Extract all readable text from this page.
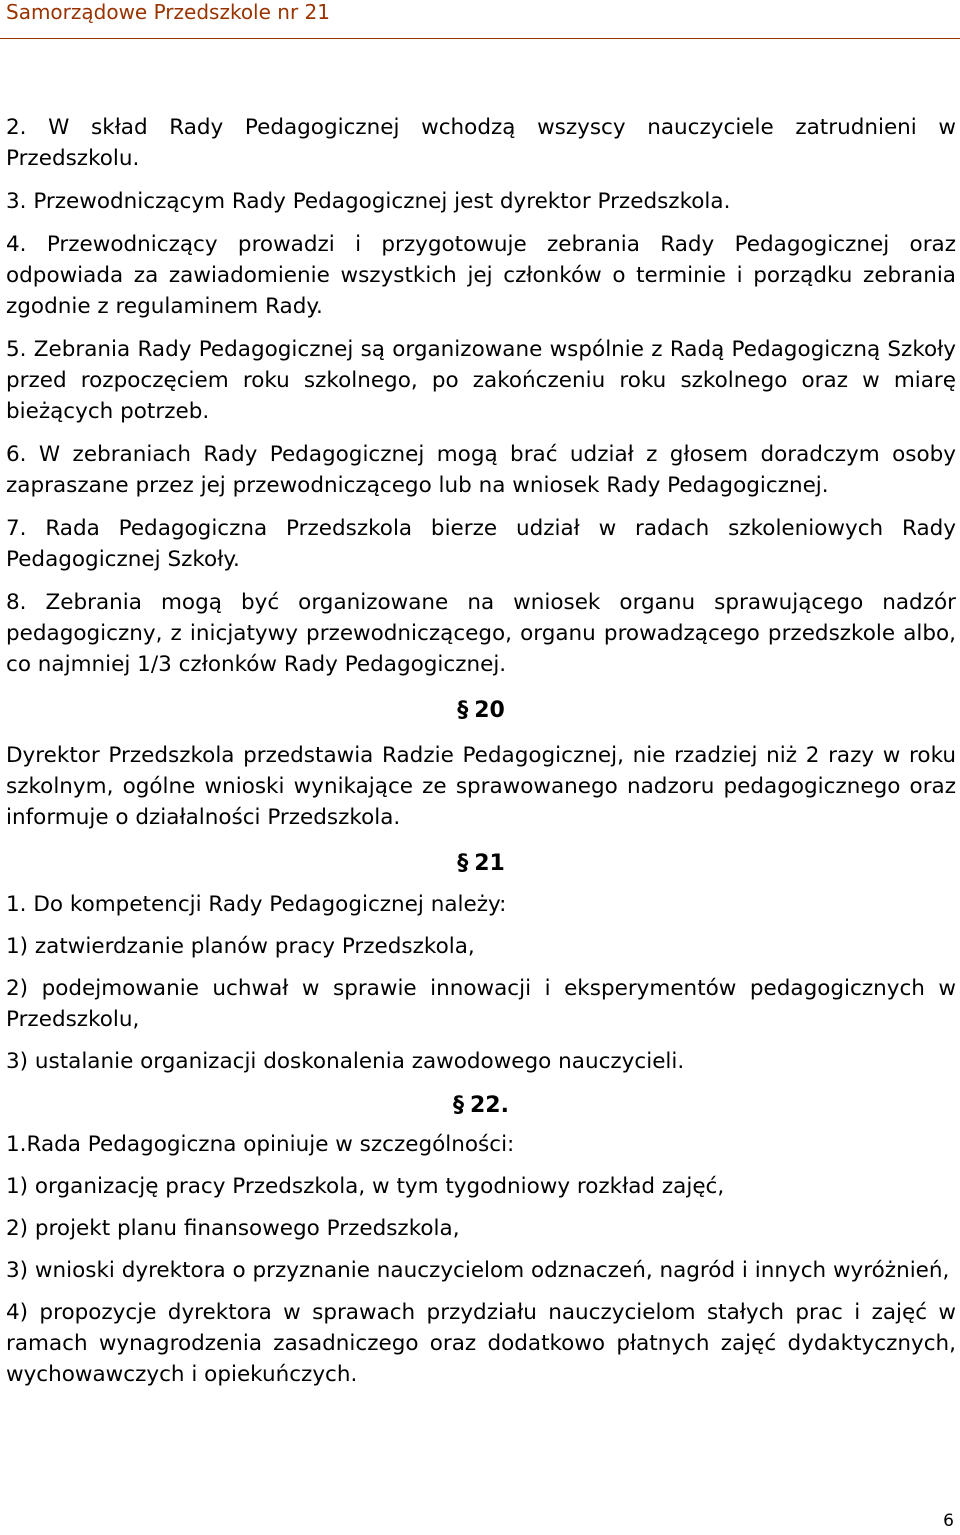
Samorządowe Przedszkole nr 21

2. W skład Rady Pedagogicznej wchodzą wszyscy nauczyciele zatrudnieni w Przedszkolu.

3. Przewodniczącym Rady Pedagogicznej jest dyrektor Przedszkola.

4. Przewodniczący prowadzi i przygotowuje zebrania Rady Pedagogicznej oraz odpowiada za zawiadomienie wszystkich jej członków o terminie i porządku zebrania zgodnie z regulaminem Rady.

5. Zebrania Rady Pedagogicznej są organizowane wspólnie z Radą Pedagogiczną Szkoły przed rozpoczęciem roku szkolnego, po zakończeniu roku szkolnego oraz w miarę bieżących potrzeb.

6. W zebraniach Rady Pedagogicznej mogą brać udział z głosem doradczym osoby zapraszane przez jej przewodniczącego lub na wniosek Rady Pedagogicznej.

7. Rada Pedagogiczna Przedszkola bierze udział w radach szkoleniowych Rady Pedagogicznej Szkoły.

8. Zebrania mogą być organizowane na wniosek organu sprawującego nadzór pedagogiczny, z inicjatywy przewodniczącego, organu prowadzącego przedszkole albo, co najmniej 1/3 członków Rady Pedagogicznej.

§ 20

Dyrektor Przedszkola przedstawia Radzie Pedagogicznej, nie rzadziej niż 2 razy w roku szkolnym, ogólne wnioski wynikające ze sprawowanego nadzoru pedagogicznego oraz informuje o działalności Przedszkola.

§ 21

1. Do kompetencji Rady Pedagogicznej należy:

1) zatwierdzanie planów pracy Przedszkola,

2) podejmowanie uchwał w sprawie innowacji i eksperymentów pedagogicznych w Przedszkolu,

3) ustalanie organizacji doskonalenia zawodowego nauczycieli.

§ 22.

1.Rada Pedagogiczna opiniuje w szczególności:

1) organizację pracy Przedszkola, w tym tygodniowy rozkład zajęć,

2) projekt planu finansowego Przedszkola,

3) wnioski dyrektora o przyznanie nauczycielom odznaczeń, nagród i innych wyróżnień,

4) propozycje dyrektora w sprawach przydziału nauczycielom stałych prac i zajęć w ramach wynagrodzenia zasadniczego oraz dodatkowo płatnych zajęć dydaktycznych, wychowawczych i opiekuńczych.

6
